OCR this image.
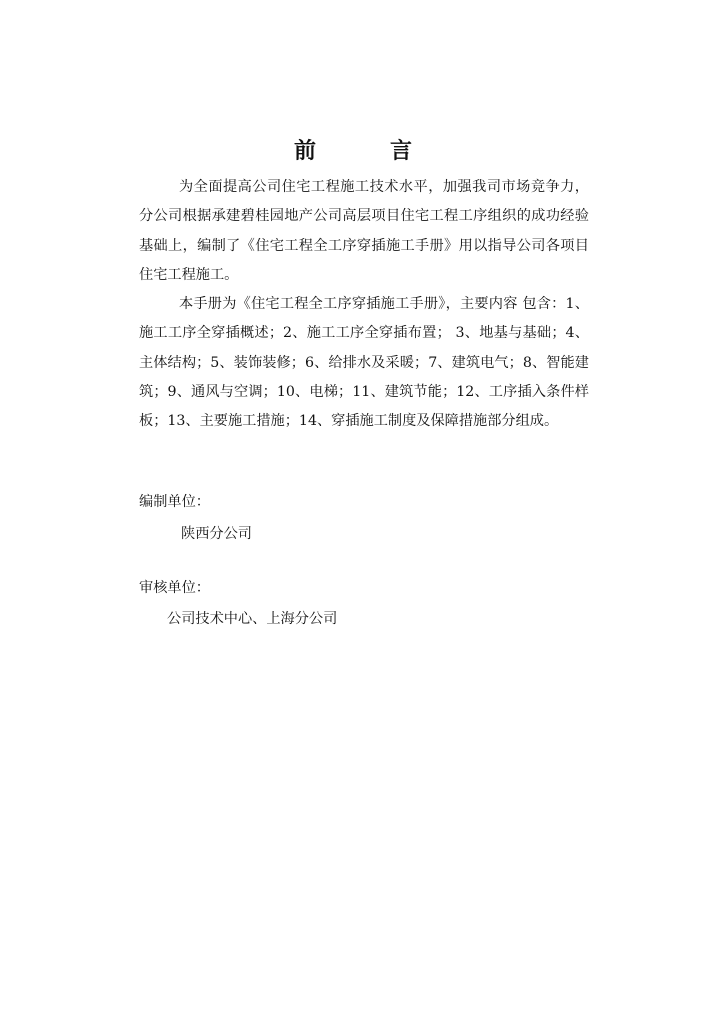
前　言
为全面提高公司住宅工程施工技术水平，加强我司市场竞争力，分公司根据承建碧桂园地产公司高层项目住宅工程工序组织的成功经验基础上，编制了《住宅工程全工序穿插施工手册》用以指导公司各项目住宅工程施工。
本手册为《住宅工程全工序穿插施工手册》，主要内容 包含：1、施工工序全穿插概述；2、施工工序全穿插布置； 3、地基与基础；4、主体结构；5、装饰装修；6、给排水及采暖；7、建筑电气；8、智能建筑；9、通风与空调；10、电梯；11、建筑节能；12、工序插入条件样板；13、主要施工措施；14、穿插施工制度及保障措施部分组成。
编制单位：
陕西分公司
审核单位：
公司技术中心、上海分公司
